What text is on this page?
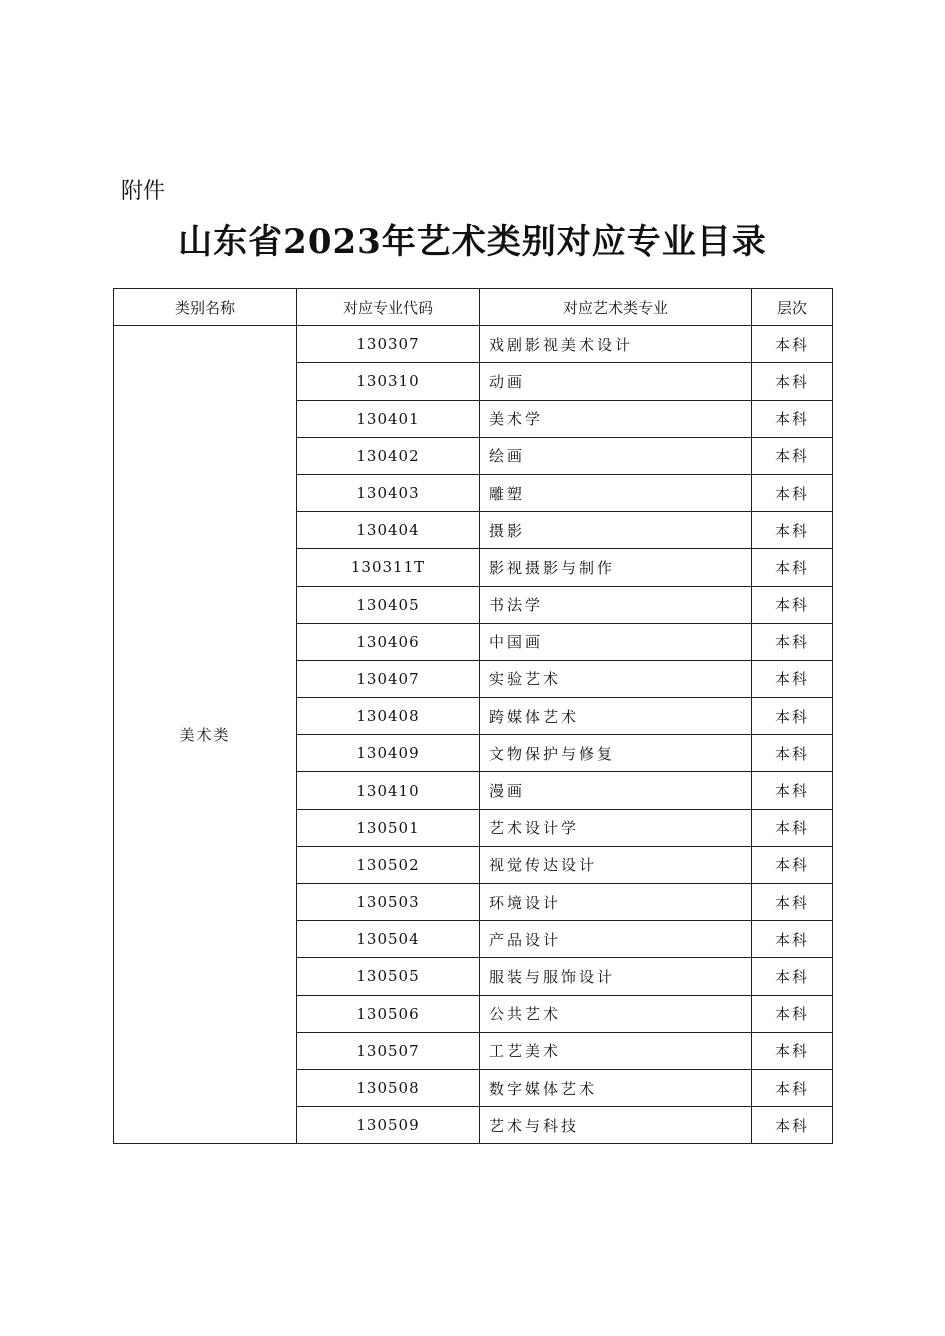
附件
山东省2023年艺术类别对应专业目录
类别名称	对应专业代码	对应艺术类专业	层次
美术类	130307	戏剧影视美术设计	本科
	130310	动画	本科
	130401	美术学	本科
	130402	绘画	本科
	130403	雕塑	本科
	130404	摄影	本科
	130311T	影视摄影与制作	本科
	130405	书法学	本科
	130406	中国画	本科
	130407	实验艺术	本科
	130408	跨媒体艺术	本科
	130409	文物保护与修复	本科
	130410	漫画	本科
	130501	艺术设计学	本科
	130502	视觉传达设计	本科
	130503	环境设计	本科
	130504	产品设计	本科
	130505	服装与服饰设计	本科
	130506	公共艺术	本科
	130507	工艺美术	本科
	130508	数字媒体艺术	本科
	130509	艺术与科技	本科
